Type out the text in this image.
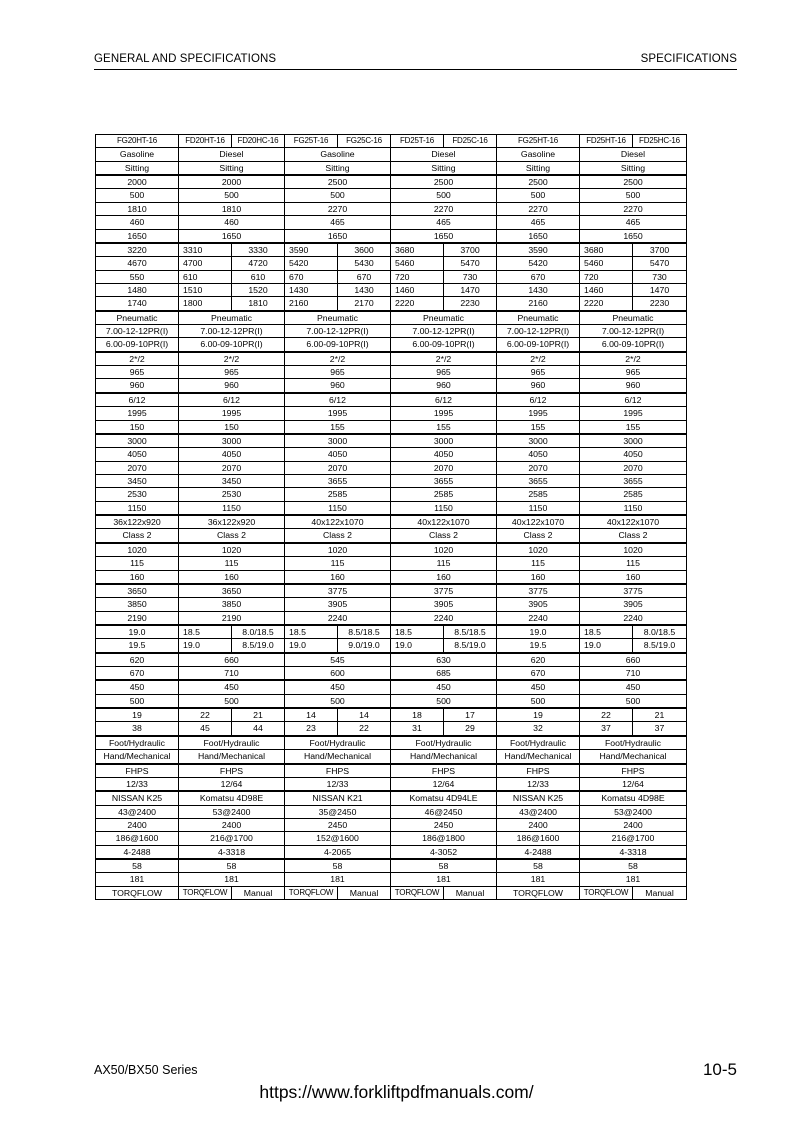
GENERAL AND SPECIFICATIONS	SPECIFICATIONS
FG20HT-16	FD20HT-16	FD20HC-16	FG25T-16	FG25C-16	FD25T-16	FD25C-16	FG25HT-16	FD25HT-16	FD25HC-16
Gasoline	Diesel		Gasoline		Diesel		Gasoline	Diesel	
Sitting	Sitting		Sitting		Sitting		Sitting	Sitting	
2000	2000		2500		2500		2500	2500	
500	500		500		500		500	500	
1810	1810		2270		2270		2270	2270	
460	460		465		465		465	465	
1650	1650		1650		1650		1650	1650	
3220	3310	3330	3590	3600	3680	3700	3590	3680	3700
4670	4700	4720	5420	5430	5460	5470	5420	5460	5470
550	610	610	670	670	720	730	670	720	730
1480	1510	1520	1430	1430	1460	1470	1430	1460	1470
1740	1800	1810	2160	2170	2220	2230	2160	2220	2230
Pneumatic	Pneumatic		Pneumatic		Pneumatic		Pneumatic	Pneumatic	
7.00-12-12PR(I)	7.00-12-12PR(I)		7.00-12-12PR(I)		7.00-12-12PR(I)		7.00-12-12PR(I)	7.00-12-12PR(I)	
6.00-09-10PR(I)	6.00-09-10PR(I)		6.00-09-10PR(I)		6.00-09-10PR(I)		6.00-09-10PR(I)	6.00-09-10PR(I)	
2*/2	2*/2		2*/2		2*/2		2*/2	2*/2	
965	965		965		965		965	965	
960	960		960		960		960	960	
6/12	6/12		6/12		6/12		6/12	6/12	
1995	1995		1995		1995		1995	1995	
150	150		155		155		155	155	
3000	3000		3000		3000		3000	3000	
4050	4050		4050		4050		4050	4050	
2070	2070		2070		2070		2070	2070	
3450	3450		3655		3655		3655	3655	
2530	2530		2585		2585		2585	2585	
1150	1150		1150		1150		1150	1150	
36x122x920	36x122x920		40x122x1070		40x122x1070		40x122x1070	40x122x1070	
Class 2	Class 2		Class 2		Class 2		Class 2	Class 2	
1020	1020		1020		1020		1020	1020	
115	115		115		115		115	115	
160	160		160		160		160	160	
3650	3650		3775		3775		3775	3775	
3850	3850		3905		3905		3905	3905	
2190	2190		2240		2240		2240	2240	
19.0	18.5	8.0/18.5	18.5	8.5/18.5	18.5	8.5/18.5	19.0	18.5	8.0/18.5
19.5	19.0	8.5/19.0	19.0	9.0/19.0	19.0	8.5/19.0	19.5	19.0	8.5/19.0
620	660		545		630		620	660	
670	710		600		685		670	710	
450	450		450		450		450	450	
500	500		500		500		500	500	
19	22	21	14	14	18	17	19	22	21
38	45	44	23	22	31	29	32	37	37
Foot/Hydraulic	Foot/Hydraulic		Foot/Hydraulic		Foot/Hydraulic		Foot/Hydraulic	Foot/Hydraulic	
Hand/Mechanical	Hand/Mechanical		Hand/Mechanical		Hand/Mechanical		Hand/Mechanical	Hand/Mechanical	
FHPS	FHPS		FHPS		FHPS		FHPS	FHPS	
12/33	12/64		12/33		12/64		12/33	12/64	
NISSAN K25	Komatsu 4D98E		NISSAN K21		Komatsu 4D94LE		NISSAN K25	Komatsu 4D98E	
43@2400	53@2400		35@2450		46@2450		43@2400	53@2400	
2400	2400		2450		2450		2400	2400	
186@1600	216@1700		152@1600		186@1800		186@1600	216@1700	
4-2488	4-3318		4-2065		4-3052		4-2488	4-3318	
58	58		58		58		58	58	
181	181		181		181		181	181	
TORQFLOW	TORQFLOW	Manual	TORQFLOW	Manual	TORQFLOW	Manual	TORQFLOW	TORQFLOW	Manual
AX50/BX50 Series	10-5
https://www.forkliftpdfmanuals.com/
